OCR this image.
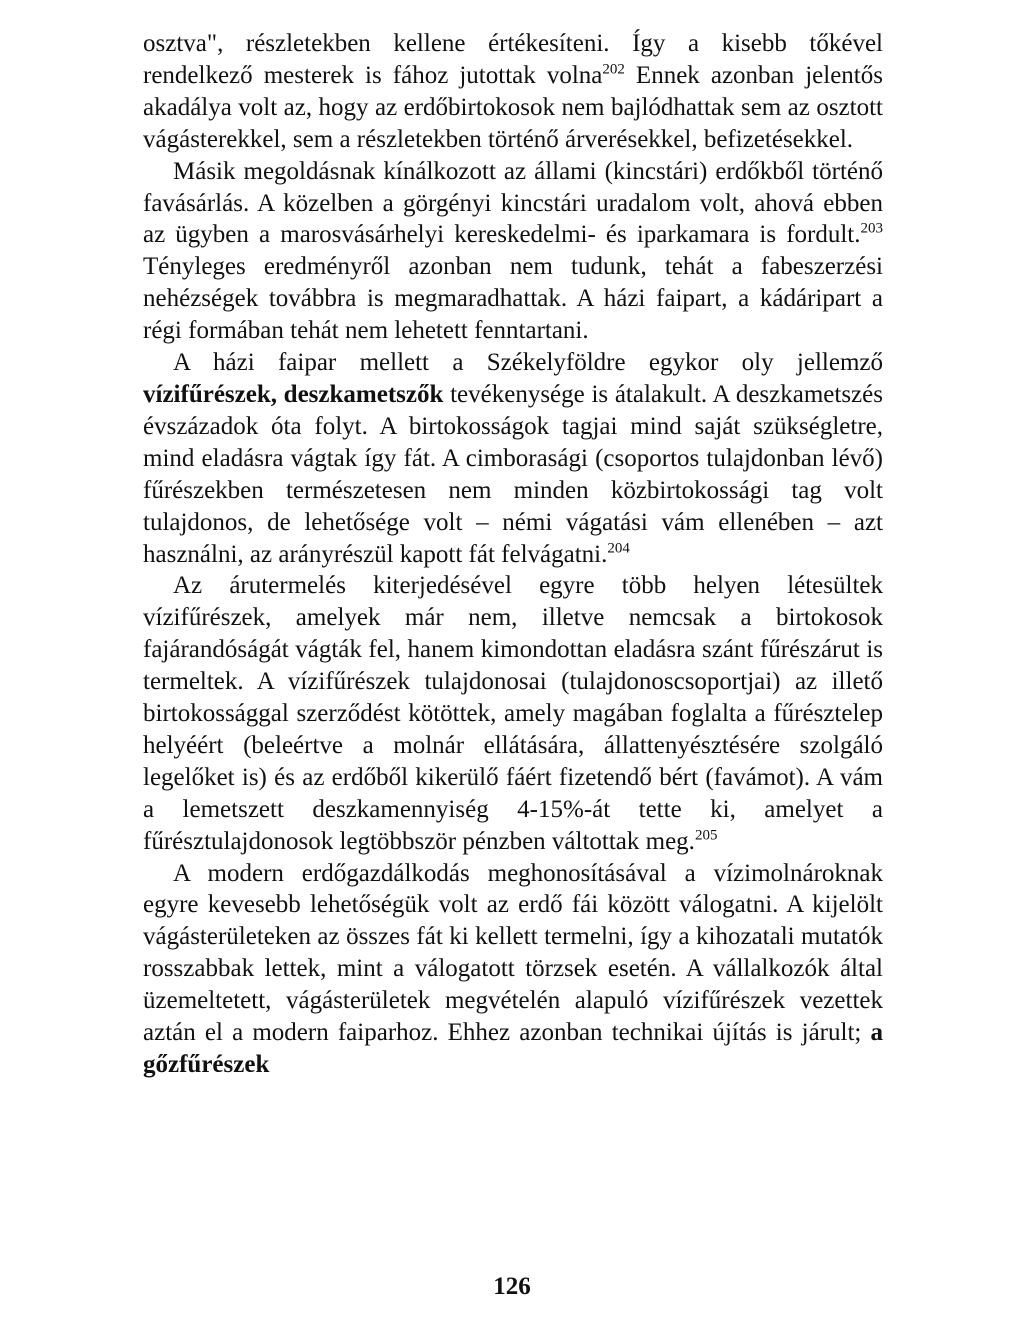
osztva", részletekben kellene értékesíteni. Így a kisebb tőkével rendelkező mesterek is fához jutottak volna$^{202}$ Ennek azonban jelentős akadálya volt az, hogy az erdőbirtokosok nem bajlódhattak sem az osztott vágásterekkel, sem a részletekben történő árverésekkel, befizetésekkel.

Másik megoldásnak kínálkozott az állami (kincstári) erdőkből történő favásárlás. A közelben a görgényi kincstári uradalom volt, ahová ebben az ügyben a marosvásárhelyi kereskedelmi- és iparkamara is fordult.$^{203}$ Tényleges eredményről azonban nem tudunk, tehát a fabeszerzési nehézségek továbbra is megmaradhattak. A házi faipart, a kádáripart a régi formában tehát nem lehetett fenntartani.

A házi faipar mellett a Székelyföldre egykor oly jellemző vízifűrészek, deszkametszők tevékenysége is átalakult. A deszkametszés évszázadok óta folyt. A birtokosságok tagjai mind saját szükségletre, mind eladásra vágtak így fát. A cimborasági (csoportos tulajdonban lévő) fűrészekben természetesen nem minden közbirtokossági tag volt tulajdonos, de lehetősége volt – némi vágatási vám ellenében – azt használni, az arányrészül kapott fát felvágatni.$^{204}$

Az árutermelés kiterjedésével egyre több helyen létesültek vízifűrészek, amelyek már nem, illetve nemcsak a birtokosok fajárandóságát vágták fel, hanem kimondottan eladásra szánt fűrészárut is termeltek. A vízifűrészek tulajdonosai (tulajdonoscsoportjai) az illető birtokossággal szerződést kötöttek, amely magában foglalta a fűrésztelep helyéért (beleértve a molnár ellátására, állattenyésztésére szolgáló legelőket is) és az erdőből kikerülő fáért fizetendő bért (favámot). A vám a lemetszett deszkamennyiség 4-15%-át tette ki, amelyet a fűrésztulajdonosok legtöbbször pénzben váltottak meg.$^{205}$

A modern erdőgazdálkodás meghonosításával a vízimolnároknak egyre kevesebb lehetőségük volt az erdő fái között válogatni. A kijelölt vágásterületeken az összes fát ki kellett termelni, így a kihozatali mutatók rosszabbak lettek, mint a válogatott törzsek esetén. A vállalkozók által üzemeltetett, vágásterületek megvételén alapuló vízifűrészek vezettek aztán el a modern faiparhoz. Ehhez azonban technikai újítás is járult; a gőzfűrészek

126
